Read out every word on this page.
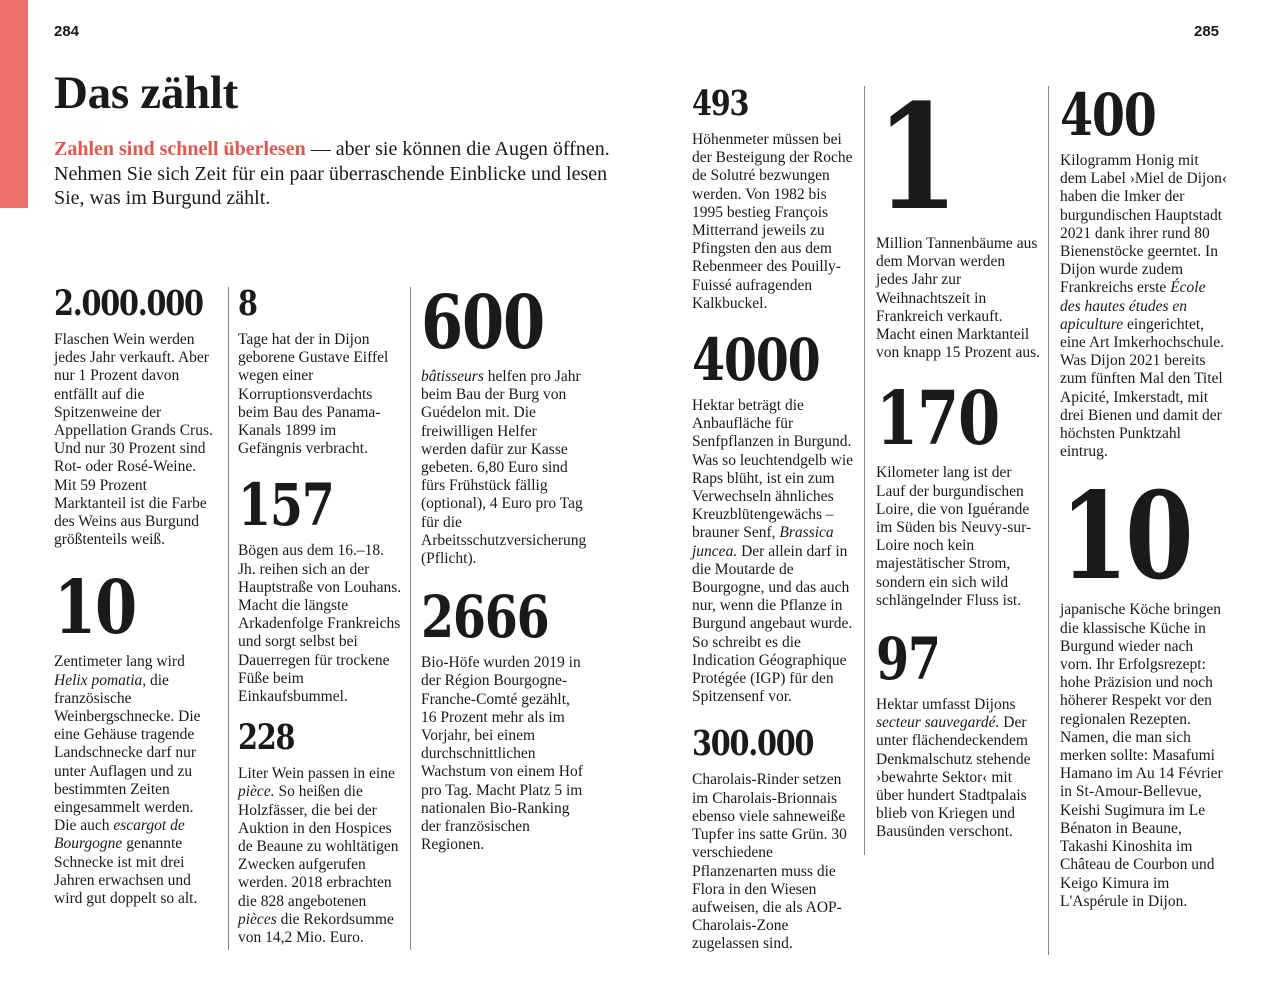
284	285
Das zählt

Zahlen sind schnell überlesen — aber sie können die Augen öffnen. Nehmen Sie sich Zeit für ein paar überraschende Einblicke und lesen Sie, was im Burgund zählt.

2.000.000
Flaschen Wein werden jedes Jahr verkauft. Aber nur 1 Prozent davon entfällt auf die Spitzenweine der Appellation Grands Crus. Und nur 30 Prozent sind Rot- oder Rosé-Weine. Mit 59 Prozent Marktanteil ist die Farbe des Weins aus Burgund größtenteils weiß.
10
Zentimeter lang wird Helix pomatia, die französische Weinbergschnecke. Die eine Gehäuse tragende Landschnecke darf nur unter Auflagen und zu bestimmten Zeiten eingesammelt werden. Die auch escargot de Bourgogne genannte Schnecke ist mit drei Jahren erwachsen und wird gut doppelt so alt.
8
Tage hat der in Dijon geborene Gustave Eiffel wegen einer Korruptionsverdachts beim Bau des Panama-Kanals 1899 im Gefängnis verbracht.
157
Bögen aus dem 16.–18. Jh. reihen sich an der Hauptstraße von Louhans. Macht die längste Arkadenfolge Frankreichs und sorgt selbst bei Dauerregen für trockene Füße beim Einkaufsbummel.
228
Liter Wein passen in eine pièce. So heißen die Holzfässer, die bei der Auktion in den Hospices de Beaune zu wohltätigen Zwecken aufgerufen werden. 2018 erbrachten die 828 angebotenen pièces die Rekordsumme von 14,2 Mio. Euro.
600
bâtisseurs helfen pro Jahr beim Bau der Burg von Guédelon mit. Die freiwilligen Helfer werden dafür zur Kasse gebeten. 6,80 Euro sind fürs Frühstück fällig (optional), 4 Euro pro Tag für die Arbeitsschutzversicherung (Pflicht).
2666
Bio-Höfe wurden 2019 in der Région Bourgogne-Franche-Comté gezählt, 16 Prozent mehr als im Vorjahr, bei einem durchschnittlichen Wachstum von einem Hof pro Tag. Macht Platz 5 im nationalen Bio-Ranking der französischen Regionen.
493
Höhenmeter müssen bei der Besteigung der Roche de Solutré bezwungen werden. Von 1982 bis 1995 bestieg François Mitterrand jeweils zu Pfingsten den aus dem Rebenmeer des Pouilly-Fuissé aufragenden Kalkbuckel.
4000
Hektar beträgt die Anbaufläche für Senfpflanzen in Burgund. Was so leuchtendgelb wie Raps blüht, ist ein zum Verwechseln ähnliches Kreuzblütengewächs – brauner Senf, Brassica juncea. Der allein darf in die Moutarde de Bourgogne, und das auch nur, wenn die Pflanze in Burgund angebaut wurde. So schreibt es die Indication Géographique Protégée (IGP) für den Spitzensenf vor.
300.000
Charolais-Rinder setzen im Charolais-Brionnais ebenso viele sahneweiße Tupfer ins satte Grün. 30 verschiedene Pflanzenarten muss die Flora in den Wiesen aufweisen, die als AOP-Charolais-Zone zugelassen sind.
1
Million Tannenbäume aus dem Morvan werden jedes Jahr zur Weihnachtszeit in Frankreich verkauft. Macht einen Marktanteil von knapp 15 Prozent aus.
170
Kilometer lang ist der Lauf der burgundischen Loire, die von Iguérande im Süden bis Neuvy-sur-Loire noch kein majestätischer Strom, sondern ein sich wild schlängelnder Fluss ist.
97
Hektar umfasst Dijons secteur sauvegardé. Der unter flächendeckendem Denkmalschutz stehende ›bewahrte Sektor‹ mit über hundert Stadtpalais blieb von Kriegen und Bausünden verschont.
400
Kilogramm Honig mit dem Label ›Miel de Dijon‹ haben die Imker der burgundischen Hauptstadt 2021 dank ihrer rund 80 Bienenstöcke geerntet. In Dijon wurde zudem Frankreichs erste École des hautes études en apiculture eingerichtet, eine Art Imkerhochschule. Was Dijon 2021 bereits zum fünften Mal den Titel Apicité, Imkerstadt, mit drei Bienen und damit der höchsten Punktzahl eintrug.
10
japanische Köche bringen die klassische Küche in Burgund wieder nach vorn. Ihr Erfolgsrezept: hohe Präzision und noch höherer Respekt vor den regionalen Rezepten. Namen, die man sich merken sollte: Masafumi Hamano im Au 14 Février in St-Amour-Bellevue, Keishi Sugimura im Le Bénaton in Beaune, Takashi Kinoshita im Château de Courbon und Keigo Kimura im L'Aspérule in Dijon.
